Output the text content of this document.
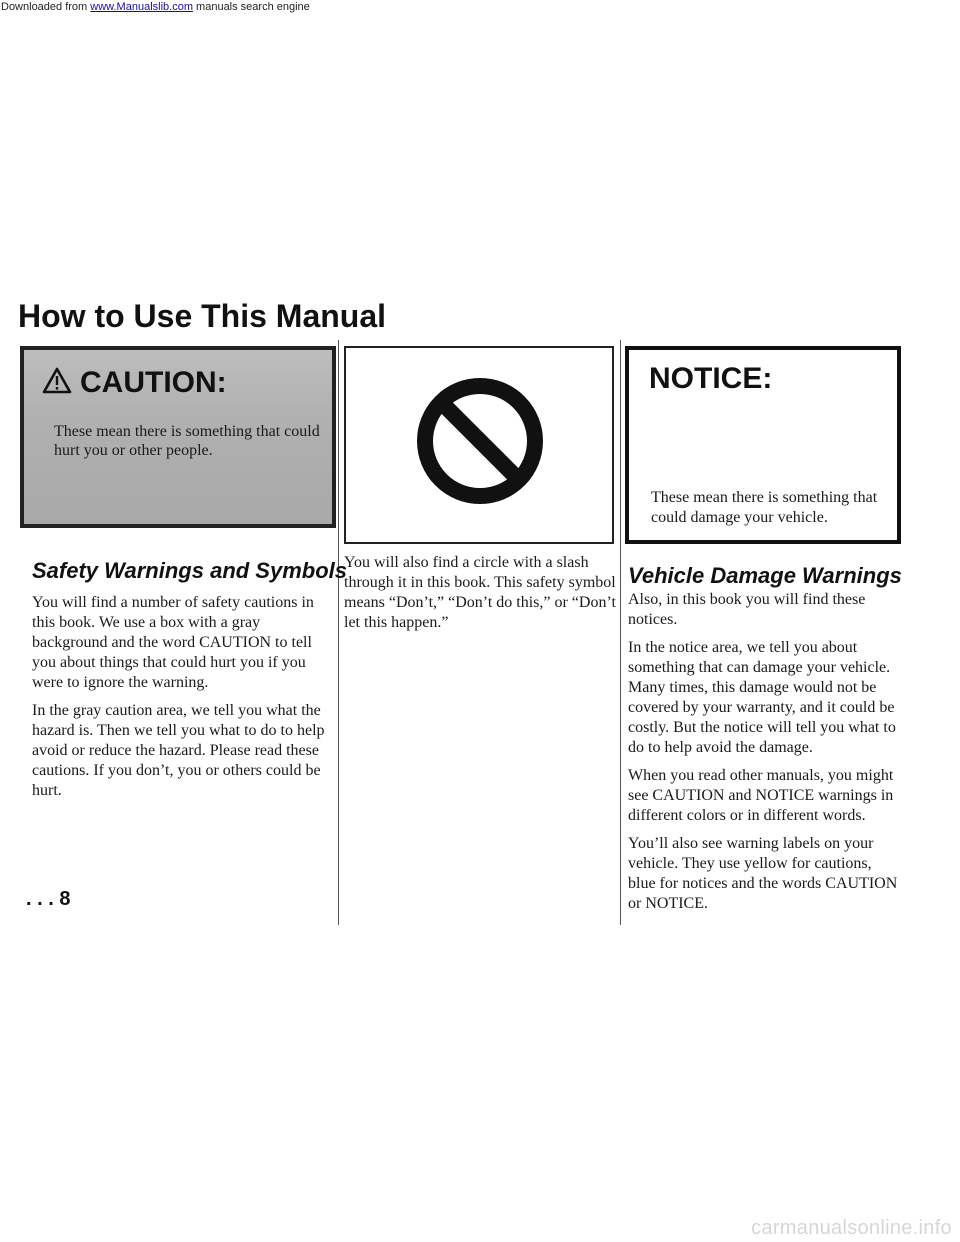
Downloaded from www.Manualslib.com manuals search engine
How to Use This Manual
CAUTION:
These mean there is something that could hurt you or other people.
Safety Warnings and Symbols

You will find a number of safety cautions in this book. We use a box with a gray background and the word CAUTION to tell you about things that could hurt you if you were to ignore the warning.

In the gray caution area, we tell you what the hazard is. Then we tell you what to do to help avoid or reduce the hazard. Please read these cautions. If you don’t, you or others could be hurt.

You will also find a circle with a slash through it in this book. This safety symbol means “Don’t,” “Don’t do this,” or “Don’t let this happen.”

NOTICE:
These mean there is something that could damage your vehicle.
Vehicle Damage Warnings

Also, in this book you will find these notices.

In the notice area, we tell you about something that can damage your vehicle. Many times, this damage would not be covered by your warranty, and it could be costly. But the notice will tell you what to do to help avoid the damage.

When you read other manuals, you might see CAUTION and NOTICE warnings in different colors or in different words.

You’ll also see warning labels on your vehicle. They use yellow for cautions, blue for notices and the words CAUTION or NOTICE.

. . . 8
carmanualsonline.info
